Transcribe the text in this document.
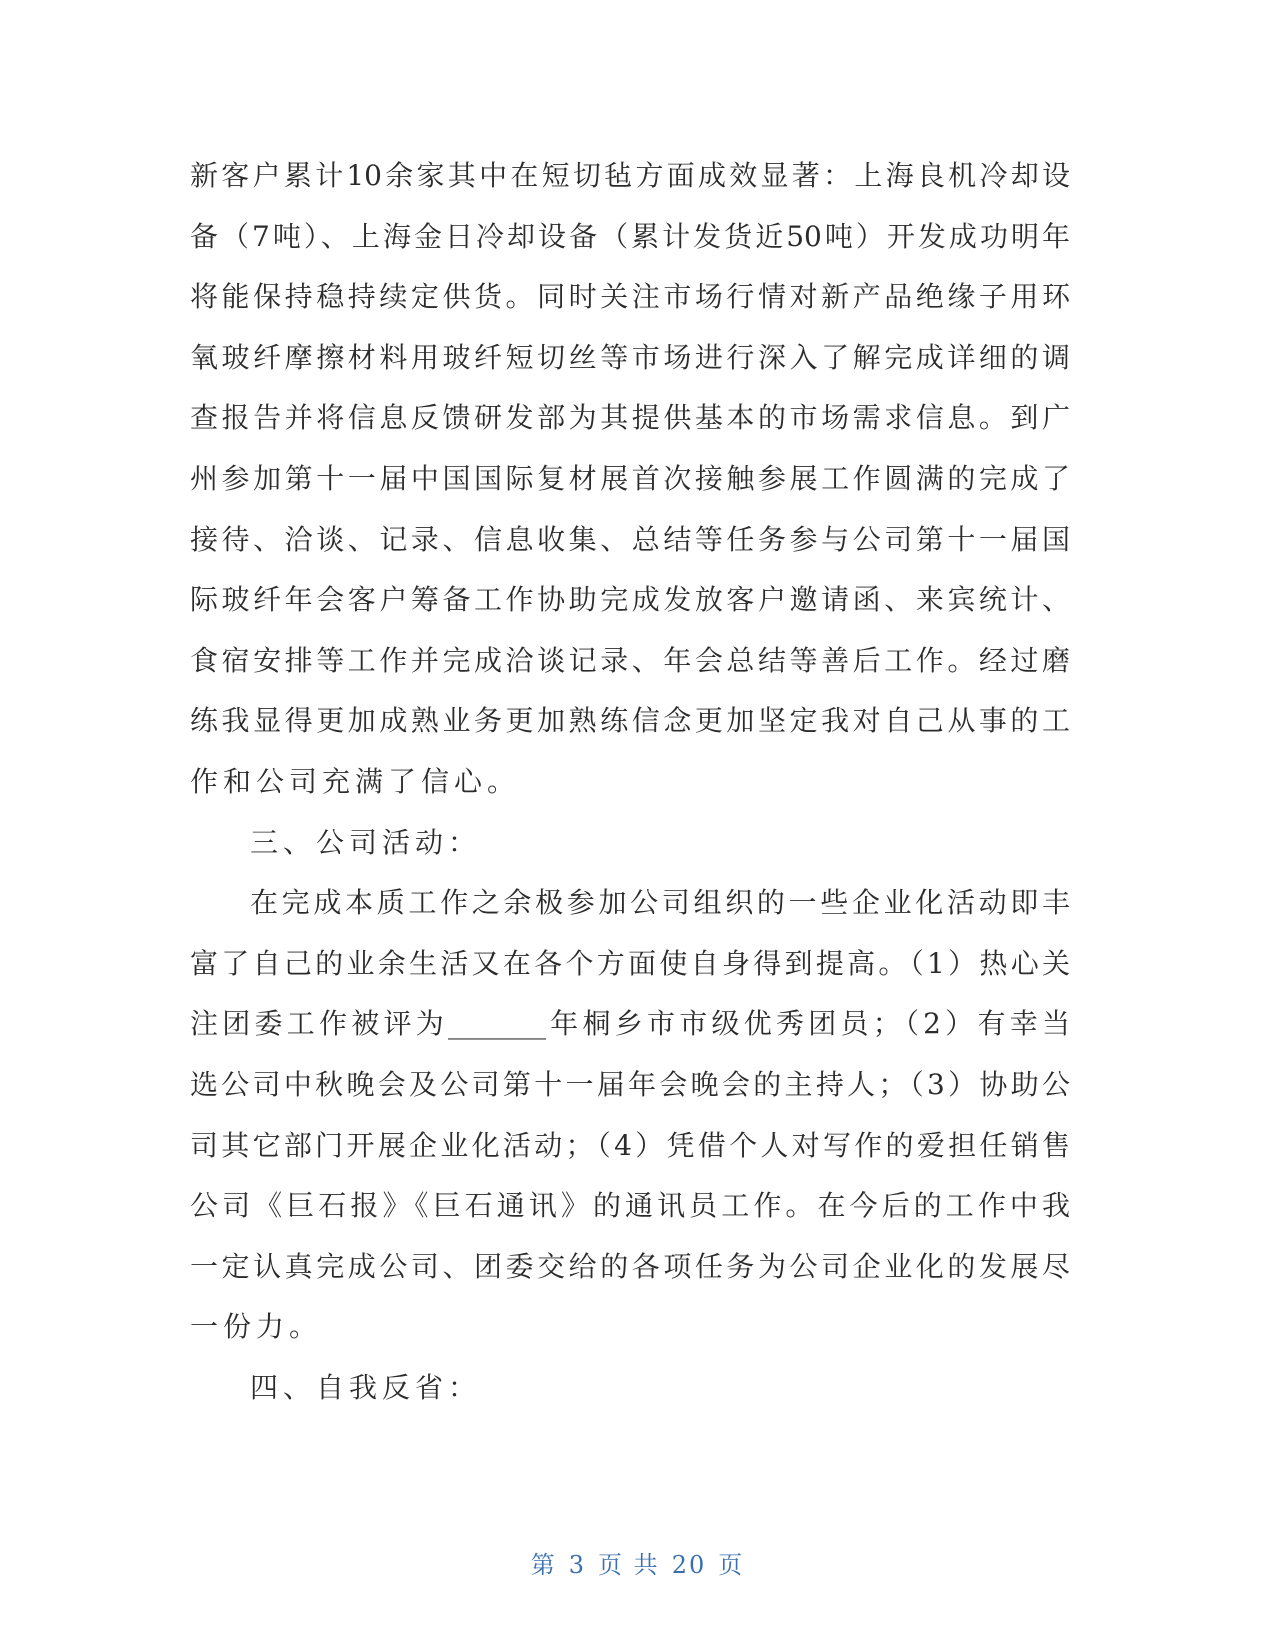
新客户累计10余家其中在短切毡方面成效显著：上海良机冷却设
备（7吨）、上海金日冷却设备（累计发货近50吨）开发成功明年
将能保持稳持续定供货。同时关注市场行情对新产品绝缘子用环
氧玻纤摩擦材料用玻纤短切丝等市场进行深入了解完成详细的调
查报告并将信息反馈研发部为其提供基本的市场需求信息。到广
州参加第十一届中国国际复材展首次接触参展工作圆满的完成了
接待、洽谈、记录、信息收集、总结等任务参与公司第十一届国
际玻纤年会客户筹备工作协助完成发放客户邀请函、来宾统计、
食宿安排等工作并完成洽谈记录、年会总结等善后工作。经过磨
练我显得更加成熟业务更加熟练信念更加坚定我对自己从事的工
作和公司充满了信心。
三、公司活动：
在完成本质工作之余极参加公司组织的一些企业化活动即丰
富了自己的业余生活又在各个方面使自身得到提高。（1）热心关
注团委工作被评为_______年桐乡市市级优秀团员；（2）有幸当
选公司中秋晚会及公司第十一届年会晚会的主持人；（3）协助公
司其它部门开展企业化活动；（4）凭借个人对写作的爱担任销售
公司《巨石报》《巨石通讯》的通讯员工作。在今后的工作中我
一定认真完成公司、团委交给的各项任务为公司企业化的发展尽
一份力。
四、自我反省：
第 3 页 共 20 页
